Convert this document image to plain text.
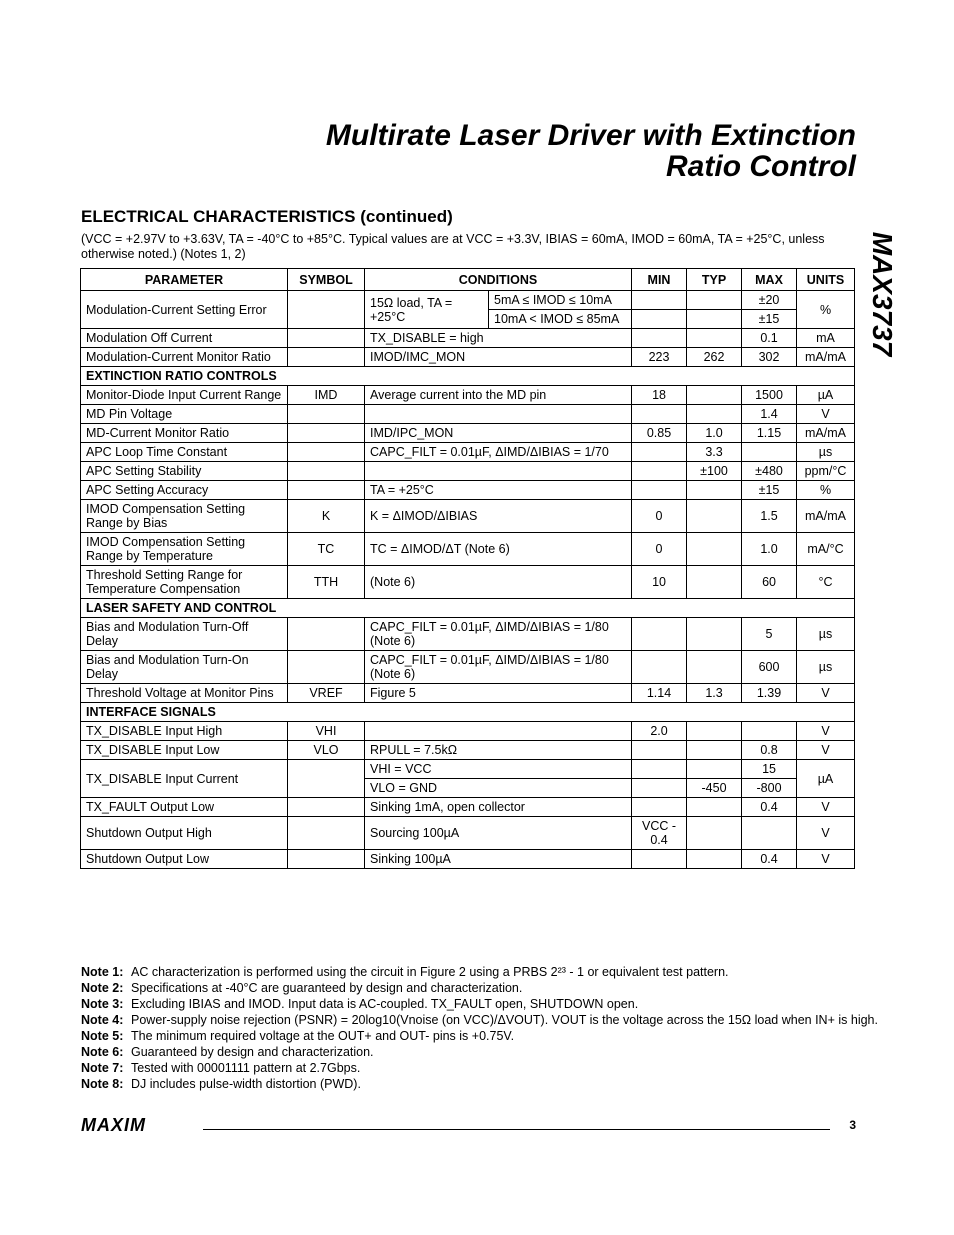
Multirate Laser Driver with Extinction
Ratio Control
MAX3737
ELECTRICAL CHARACTERISTICS (continued)
(VCC = +2.97V to +3.63V, TA = -40°C to +85°C. Typical values are at VCC = +3.3V, IBIAS = 60mA, IMOD = 60mA, TA = +25°C, unless otherwise noted.) (Notes 1, 2)
PARAMETER	SYMBOL	CONDITIONS		MIN	TYP	MAX	UNITS
Modulation-Current Setting Error		15Ω load, TA = +25°C	5mA ≤ IMOD ≤ 10mA			±20	%
			10mA < IMOD ≤ 85mA			±15	
Modulation Off Current		TX_DISABLE = high				0.1	mA
Modulation-Current Monitor Ratio		IMOD/IMC_MON		223	262	302	mA/mA
EXTINCTION RATIO CONTROLS							
Monitor-Diode Input Current Range	IMD	Average current into the MD pin		18		1500	µA
MD Pin Voltage						1.4	V
MD-Current Monitor Ratio		IMD/IPC_MON		0.85	1.0	1.15	mA/mA
APC Loop Time Constant		CAPC_FILT = 0.01µF, ΔIMD/ΔIBIAS = 1/70			3.3		µs
APC Setting Stability					±100	±480	ppm/°C
APC Setting Accuracy		TA = +25°C				±15	%
IMOD Compensation Setting Range by Bias	K	K = ΔIMOD/ΔIBIAS		0		1.5	mA/mA
IMOD Compensation Setting Range by Temperature	TC	TC = ΔIMOD/ΔT (Note 6)		0		1.0	mA/°C
Threshold Setting Range for Temperature Compensation	TTH	(Note 6)		10		60	°C
LASER SAFETY AND CONTROL							
Bias and Modulation Turn-Off Delay		CAPC_FILT = 0.01µF, ΔIMD/ΔIBIAS = 1/80 (Note 6)				5	µs
Bias and Modulation Turn-On Delay		CAPC_FILT = 0.01µF, ΔIMD/ΔIBIAS = 1/80 (Note 6)				600	µs
Threshold Voltage at Monitor Pins	VREF	Figure 5		1.14	1.3	1.39	V
INTERFACE SIGNALS							
TX_DISABLE Input High	VHI			2.0			V
TX_DISABLE Input Low	VLO	RPULL = 7.5kΩ				0.8	V
TX_DISABLE Input Current		VHI = VCC				15	µA
		VLO = GND			-450	-800	
TX_FAULT Output Low		Sinking 1mA, open collector				0.4	V
Shutdown Output High		Sourcing 100µA		VCC - 0.4			V
Shutdown Output Low		Sinking 100µA				0.4	V
Note 1: AC characterization is performed using the circuit in Figure 2 using a PRBS 2²³ - 1 or equivalent test pattern.
Note 2: Specifications at -40°C are guaranteed by design and characterization.
Note 3: Excluding IBIAS and IMOD. Input data is AC-coupled. TX_FAULT open, SHUTDOWN open.
Note 4: Power-supply noise rejection (PSNR) = 20log10(Vnoise (on VCC)/ΔVOUT). VOUT is the voltage across the 15Ω load when IN+ is high.
Note 5: The minimum required voltage at the OUT+ and OUT- pins is +0.75V.
Note 6: Guaranteed by design and characterization.
Note 7: Tested with 00001111 pattern at 2.7Gbps.
Note 8: DJ includes pulse-width distortion (PWD).
MAXIM	3
